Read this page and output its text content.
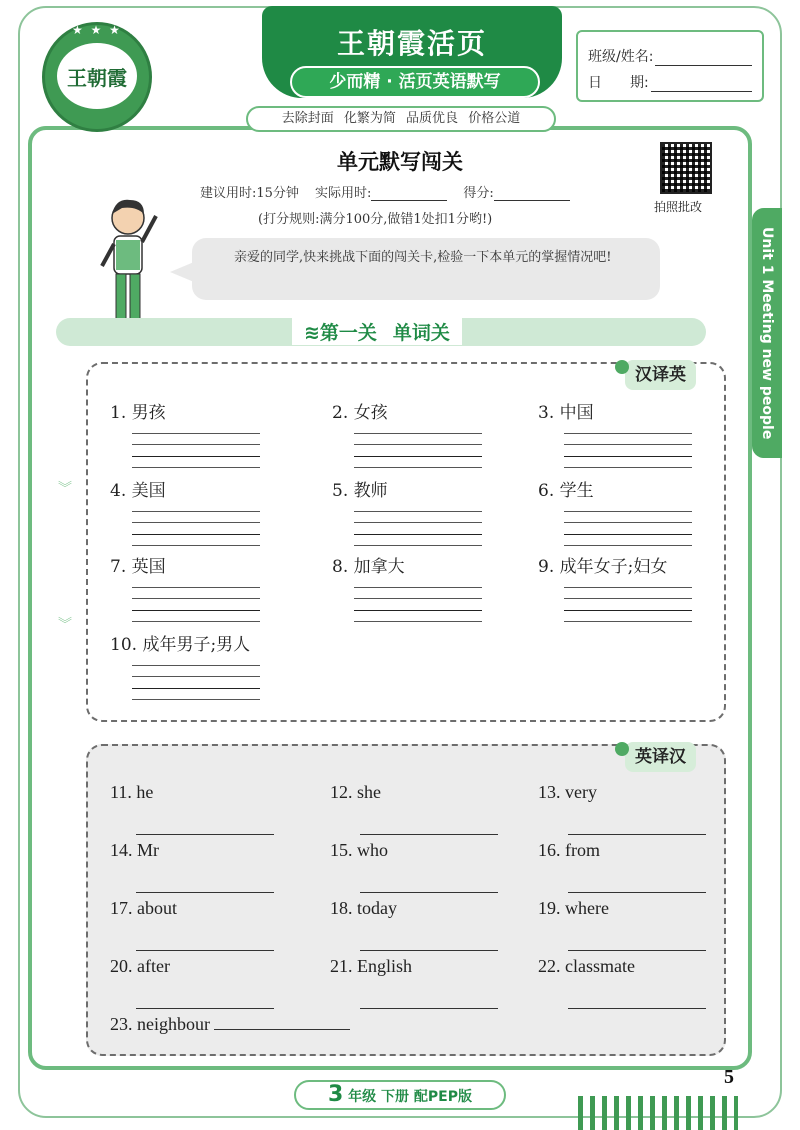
★ ★ ★ ★ ★
王朝霞
王朝霞活页
少而精 · 活页英语默写
去除封面 化繁为简 品质优良 价格公道
班级/姓名:
日　　期:
单元默写闯关
建议用时:15分钟 实际用时:	得分:
(打分规则:满分100分,做错1处扣1分哟!)
拍照批改
Unit 1 Meeting new people
亲爱的同学,快来挑战下面的闯关卡,检验一下本单元的掌握情况吧!
≋第一关 单词关
︾
︾
汉译英
1. 男孩	2. 女孩	3. 中国
4. 美国	5. 教师	6. 学生
7. 英国	8. 加拿大	9. 成年女子;妇女
10. 成年男子;男人
英译汉
11. he	12. she	13. very
14. Mr	15. who	16. from
17. about	18. today	19. where
20. after	21. English	22. classmate
23. neighbour
3 年级 下册 配PEP版
5
